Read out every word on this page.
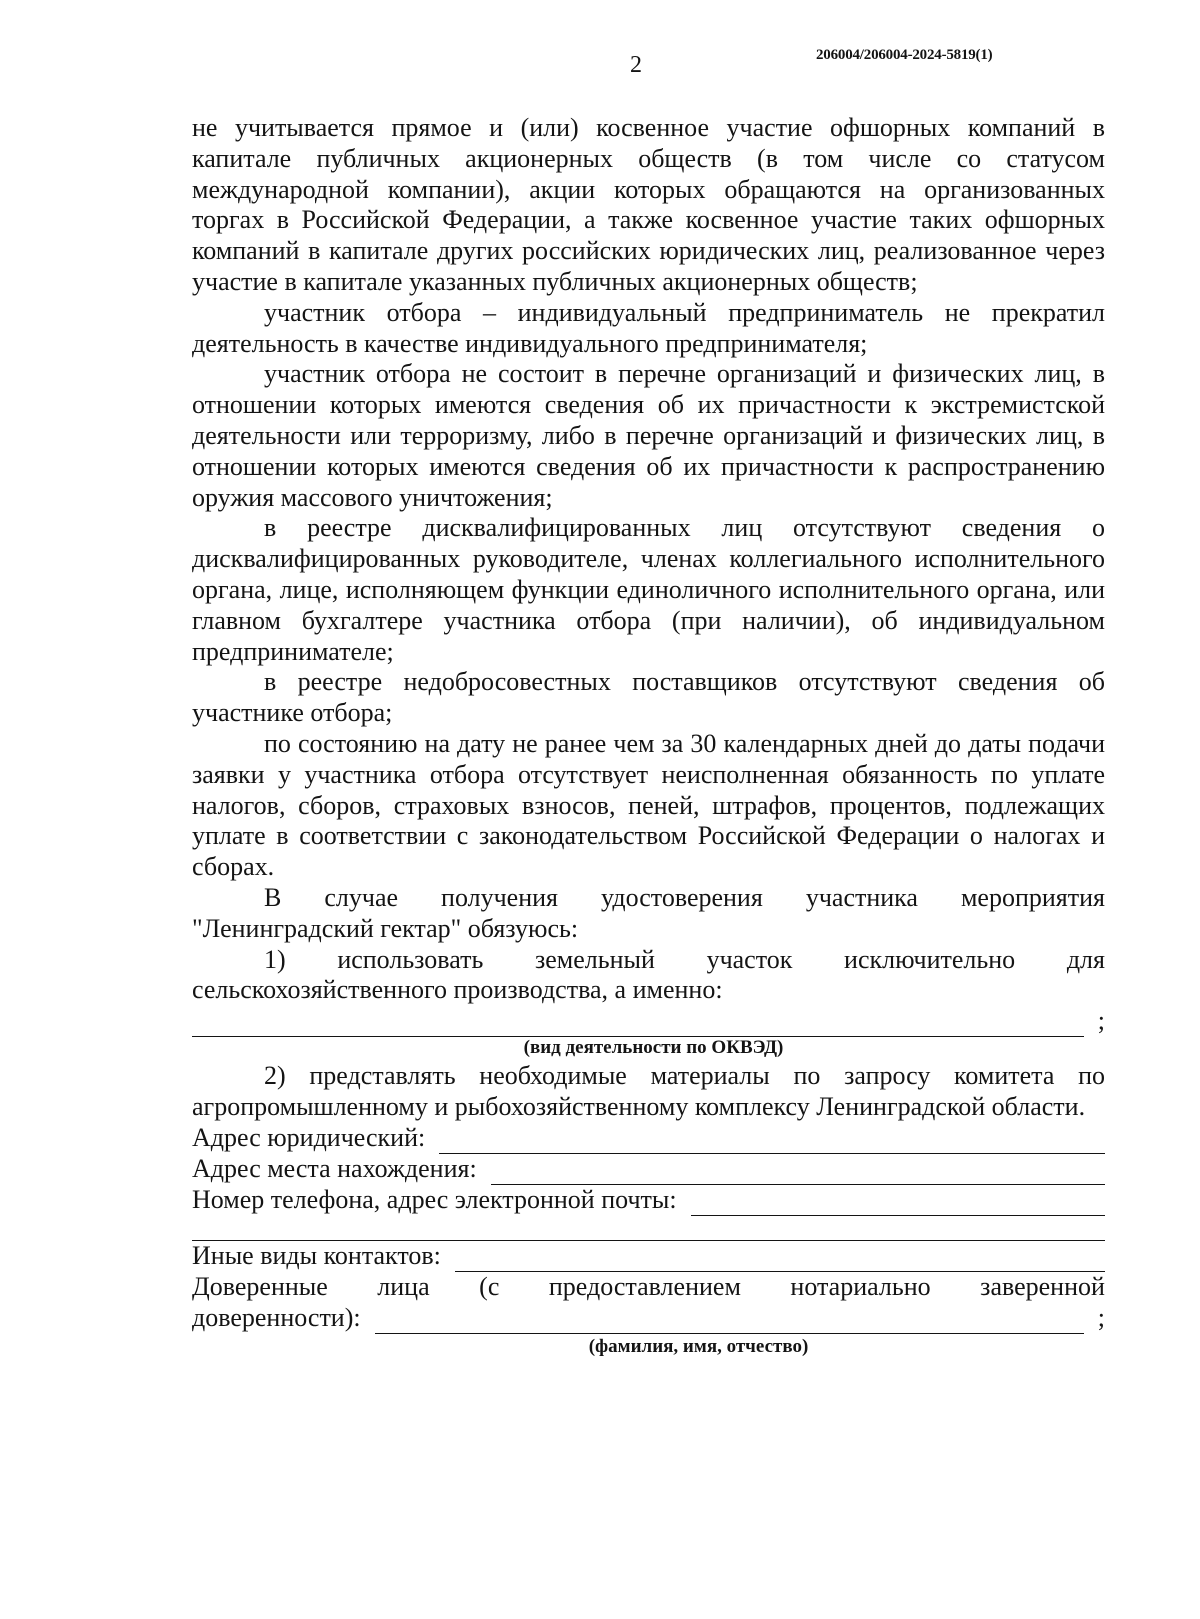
2	206004/206004-2024-5819(1)

не учитывается прямое и (или) косвенное участие офшорных компаний в капитале публичных акционерных обществ (в том числе со статусом международной компании), акции которых обращаются на организованных торгах в Российской Федерации, а также косвенное участие таких офшорных компаний в капитале других российских юридических лиц, реализованное через участие в капитале указанных публичных акционерных обществ;

участник отбора – индивидуальный предприниматель не прекратил деятельность в качестве индивидуального предпринимателя;

участник отбора не состоит в перечне организаций и физических лиц, в отношении которых имеются сведения об их причастности к экстремистской деятельности или терроризму, либо в перечне организаций и физических лиц, в отношении которых имеются сведения об их причастности к распространению оружия массового уничтожения;

в реестре дисквалифицированных лиц отсутствуют сведения о дисквалифицированных руководителе, членах коллегиального исполнительного органа, лице, исполняющем функции единоличного исполнительного органа, или главном бухгалтере участника отбора (при наличии), об индивидуальном предпринимателе;

в реестре недобросовестных поставщиков отсутствуют сведения об участнике отбора;

по состоянию на дату не ранее чем за 30 календарных дней до даты подачи заявки у участника отбора отсутствует неисполненная обязанность по уплате налогов, сборов, страховых взносов, пеней, штрафов, процентов, подлежащих уплате в соответствии с законодательством Российской Федерации о налогах и сборах.

В случае получения удостоверения участника мероприятия "Ленинградский гектар" обязуюсь:

1) использовать земельный участок исключительно для сельскохозяйственного производства, а именно:

;
(вид деятельности по ОКВЭД)

2) представлять необходимые материалы по запросу комитета по агропромышленному и рыбохозяйственному комплексу Ленинградской области.

Адрес юридический:
Адрес места нахождения:
Номер телефона, адрес электронной почты:
Иные виды контактов:
Доверенные лица (с предоставлением нотариально заверенной
доверенности):	;
(фамилия, имя, отчество)
